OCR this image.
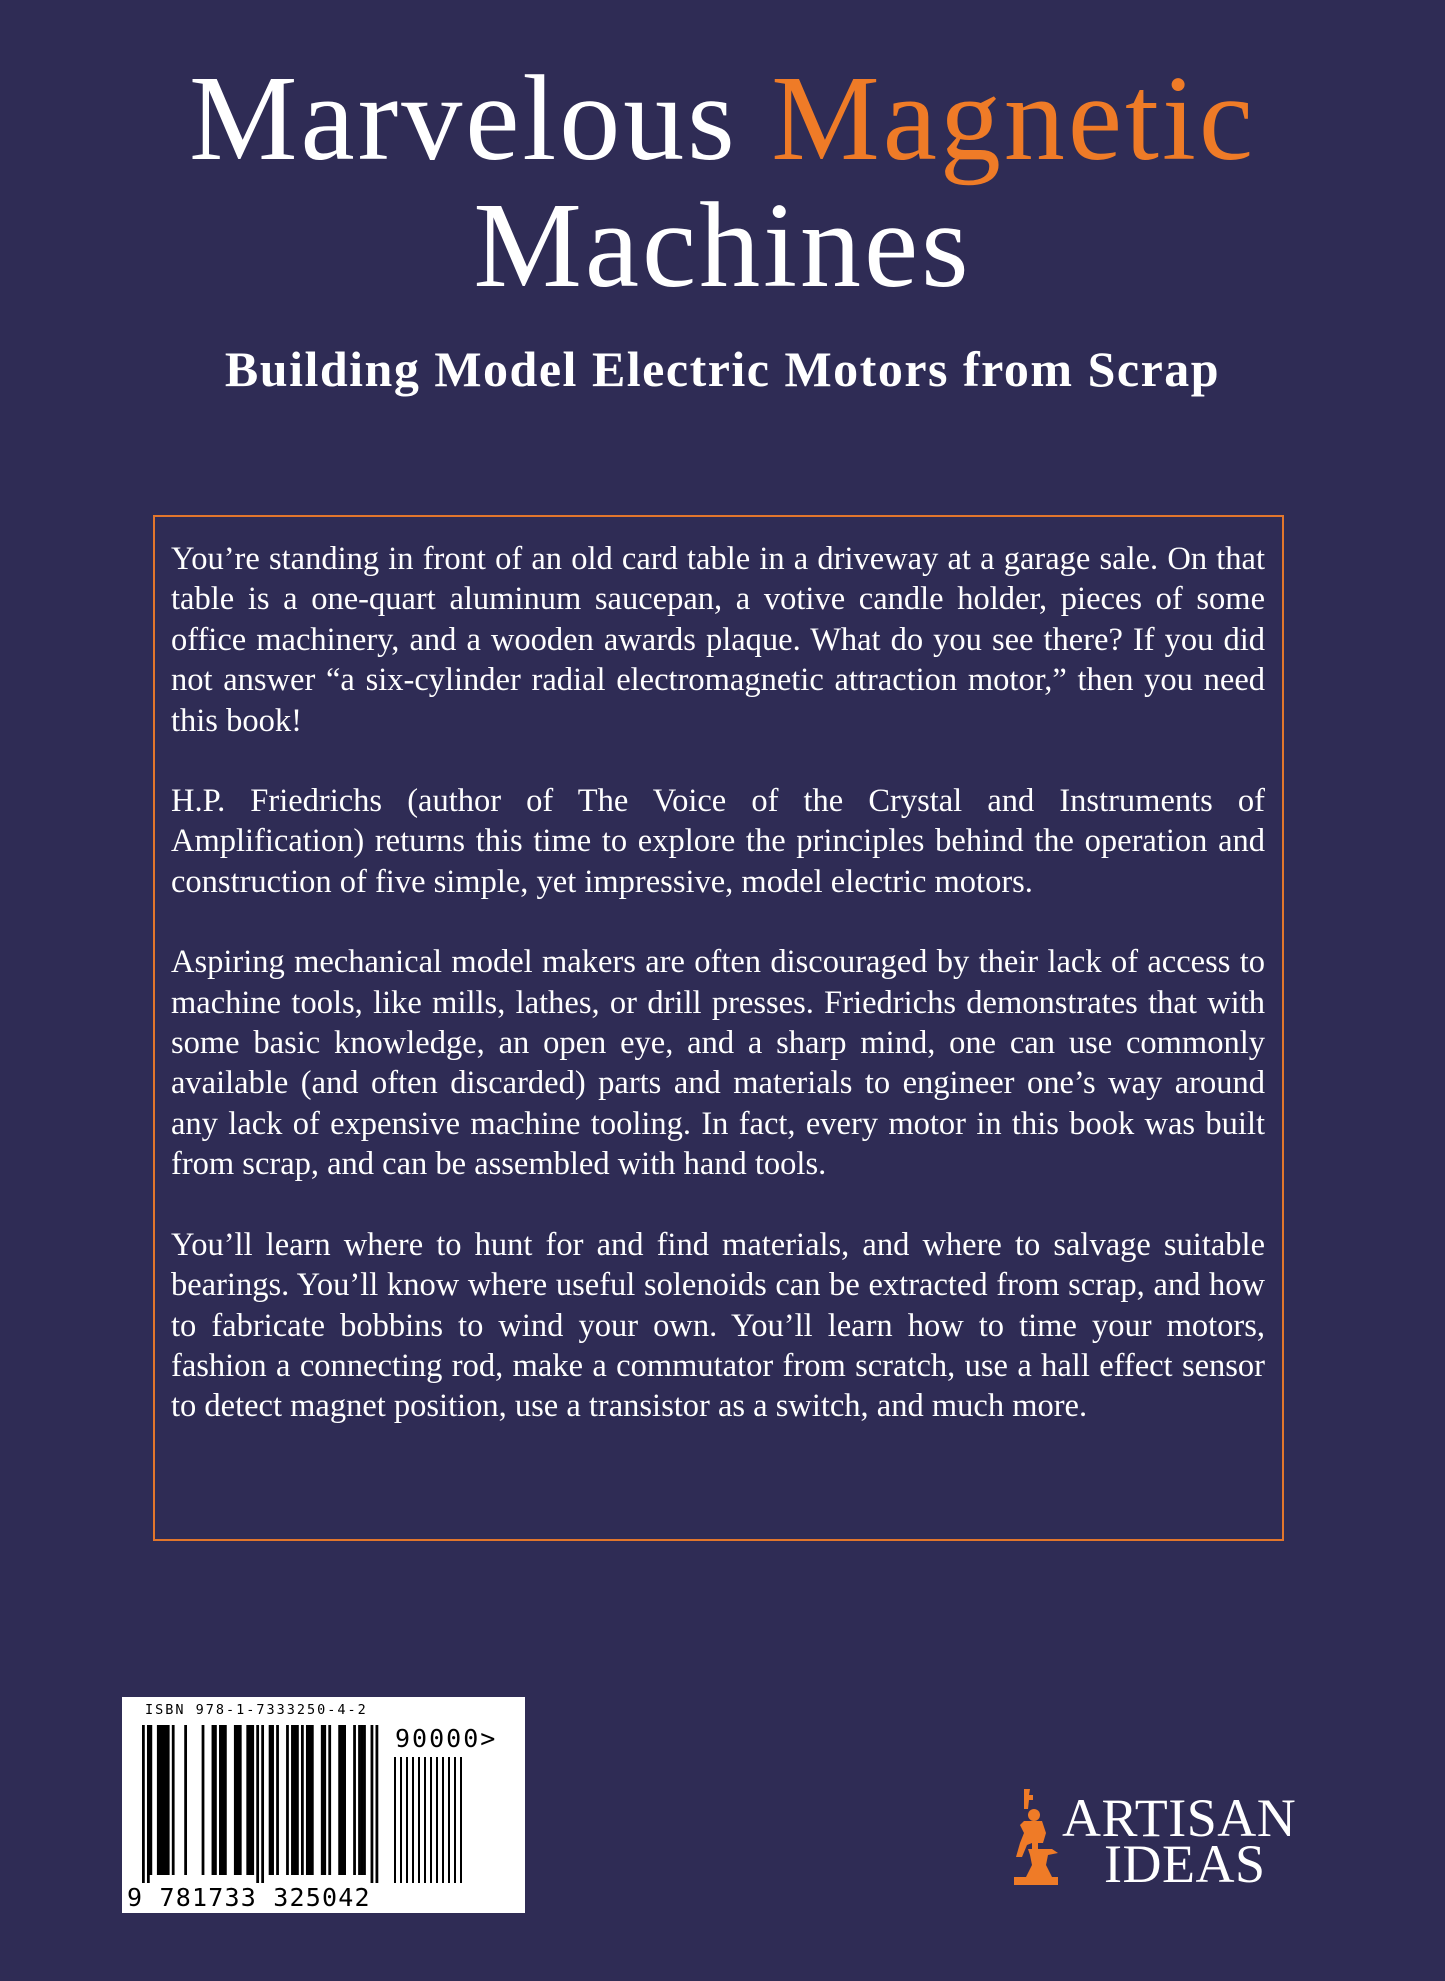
Marvelous Magnetic
Machines
Building Model Electric Motors from Scrap

You’re standing in front of an old card table in a driveway at a garage sale. On that table is a one-quart aluminum saucepan, a votive candle holder, pieces of some office machinery, and a wooden awards plaque. What do you see there? If you did not answer “a six-cylinder radial electromagnetic attraction motor,” then you need this book!

H.P. Friedrichs (author of The Voice of the Crystal and Instruments of Amplification) returns this time to explore the principles behind the operation and construction of five simple, yet impressive, model electric motors.

Aspiring mechanical model makers are often discouraged by their lack of access to machine tools, like mills, lathes, or drill presses. Friedrichs demonstrates that with some basic knowledge, an open eye, and a sharp mind, one can use commonly available (and often discarded) parts and materials to engineer one’s way around any lack of expensive machine tooling. In fact, every motor in this book was built from scrap, and can be assembled with hand tools.

You’ll learn where to hunt for and find materials, and where to salvage suitable bearings. You’ll know where useful solenoids can be extracted from scrap, and how to fabricate bobbins to wind your own. You’ll learn how to time your motors, fashion a connecting rod, make a commutator from scratch, use a hall effect sensor to detect magnet position, use a transistor as a switch, and much more.

ISBN 978-1-7333250-4-2
90000>
9 781733 325042
ARTISAN
IDEAS
